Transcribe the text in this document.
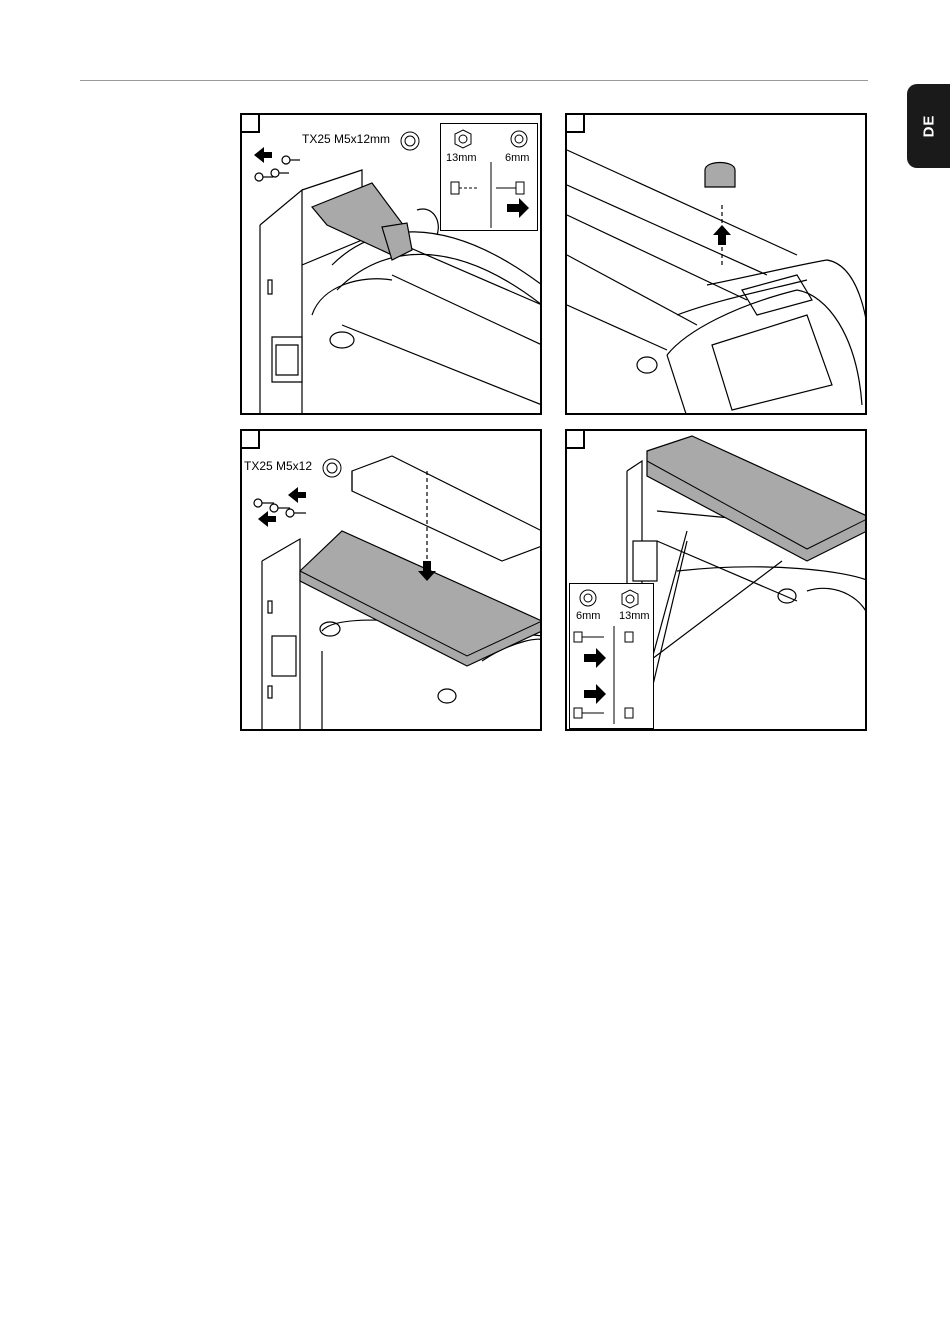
DE
TX25 M5x12mm
13mm	6mm
TX25 M5x12
6mm 13mm
